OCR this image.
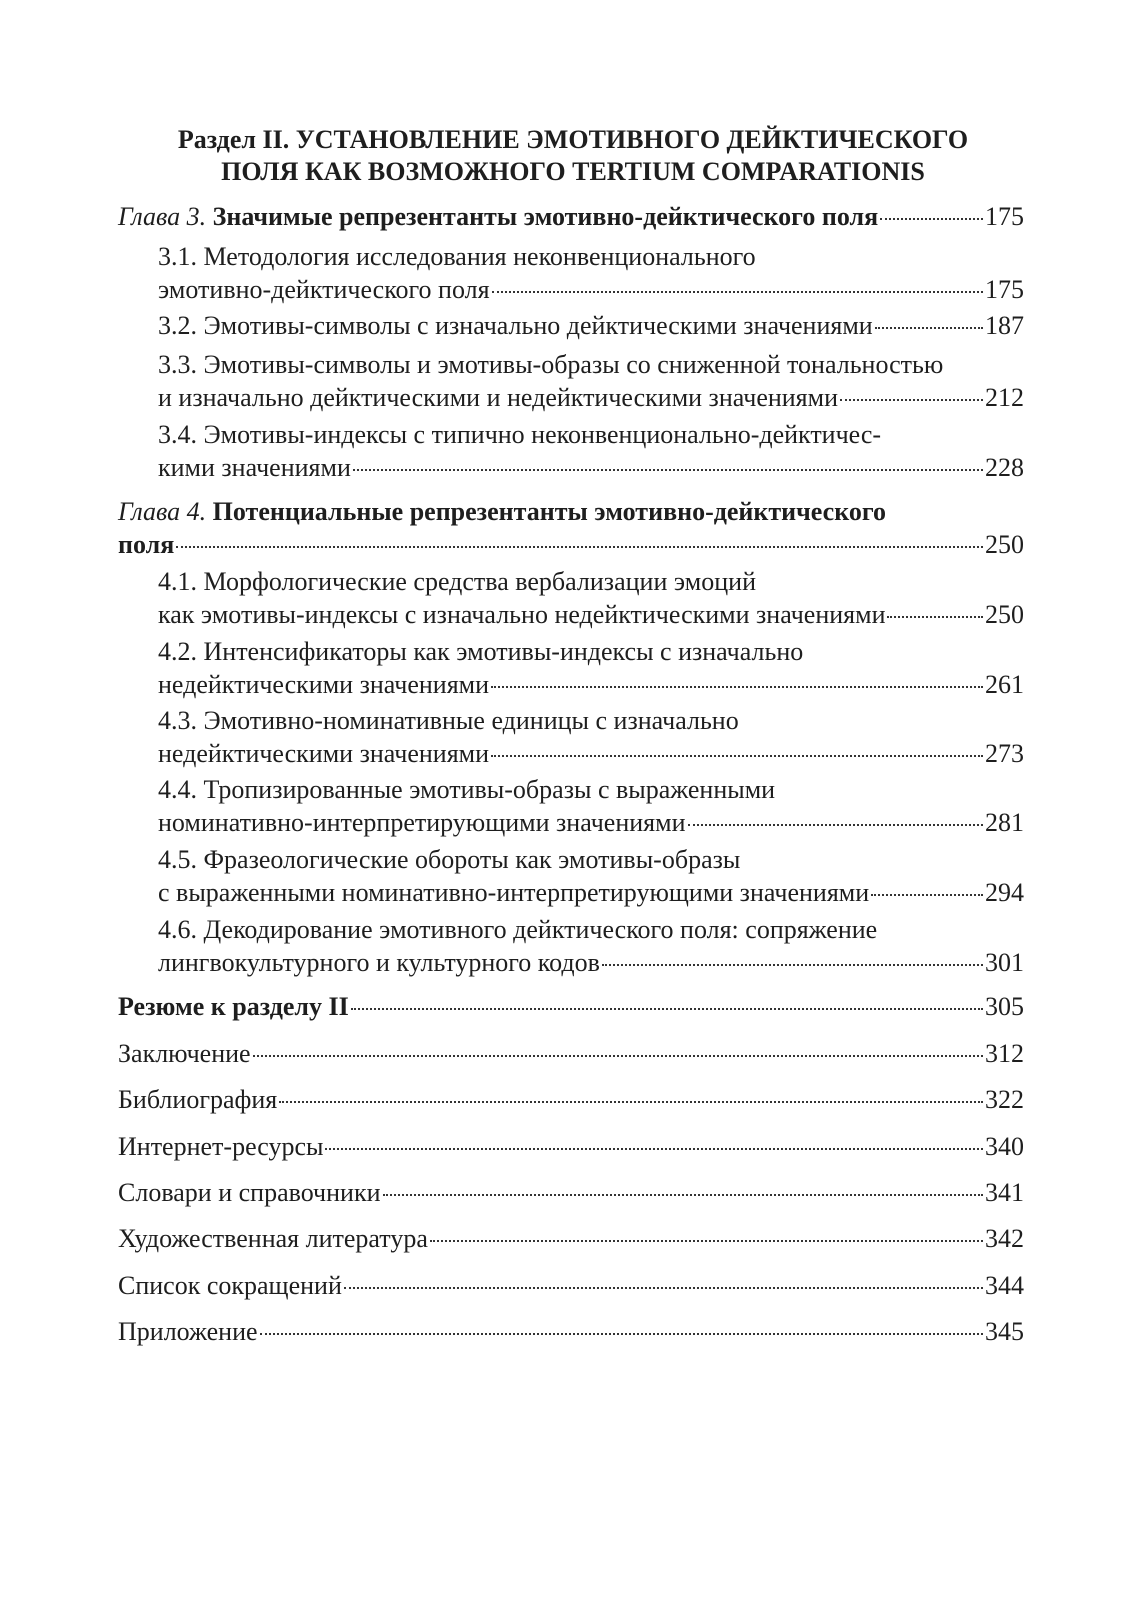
Раздел II. УСТАНОВЛЕНИЕ ЭМОТИВНОГО ДЕЙКТИЧЕСКОГО
ПОЛЯ КАК ВОЗМОЖНОГО TERTIUM COMPARATIONIS
Глава 3. Значимые репрезентанты эмотивно-дейктического поля	175
3.1. Методология исследования неконвенционального
эмотивно-дейктического поля	175
3.2. Эмотивы-символы с изначально дейктическими значениями	187
3.3. Эмотивы-символы и эмотивы-образы со сниженной тональностью
и изначально дейктическими и недейктическими значениями	212
3.4. Эмотивы-индексы с типично неконвенционально-дейктичес-
кими значениями	228
Глава 4. Потенциальные репрезентанты эмотивно-дейктического
поля	250
4.1. Морфологические средства вербализации эмоций
как эмотивы-индексы с изначально недейктическими значениями	250
4.2. Интенсификаторы как эмотивы-индексы с изначально
недейктическими значениями	261
4.3. Эмотивно-номинативные единицы с изначально
недейктическими значениями	273
4.4. Тропизированные эмотивы-образы с выраженными
номинативно-интерпретирующими значениями	281
4.5. Фразеологические обороты как эмотивы-образы
с выраженными номинативно-интерпретирующими значениями	294
4.6. Декодирование эмотивного дейктического поля: сопряжение
лингвокультурного и культурного кодов	301
Резюме к разделу II	305
Заключение	312
Библиография	322
Интернет-ресурсы	340
Словари и справочники	341
Художественная литература	342
Список сокращений	344
Приложение	345
